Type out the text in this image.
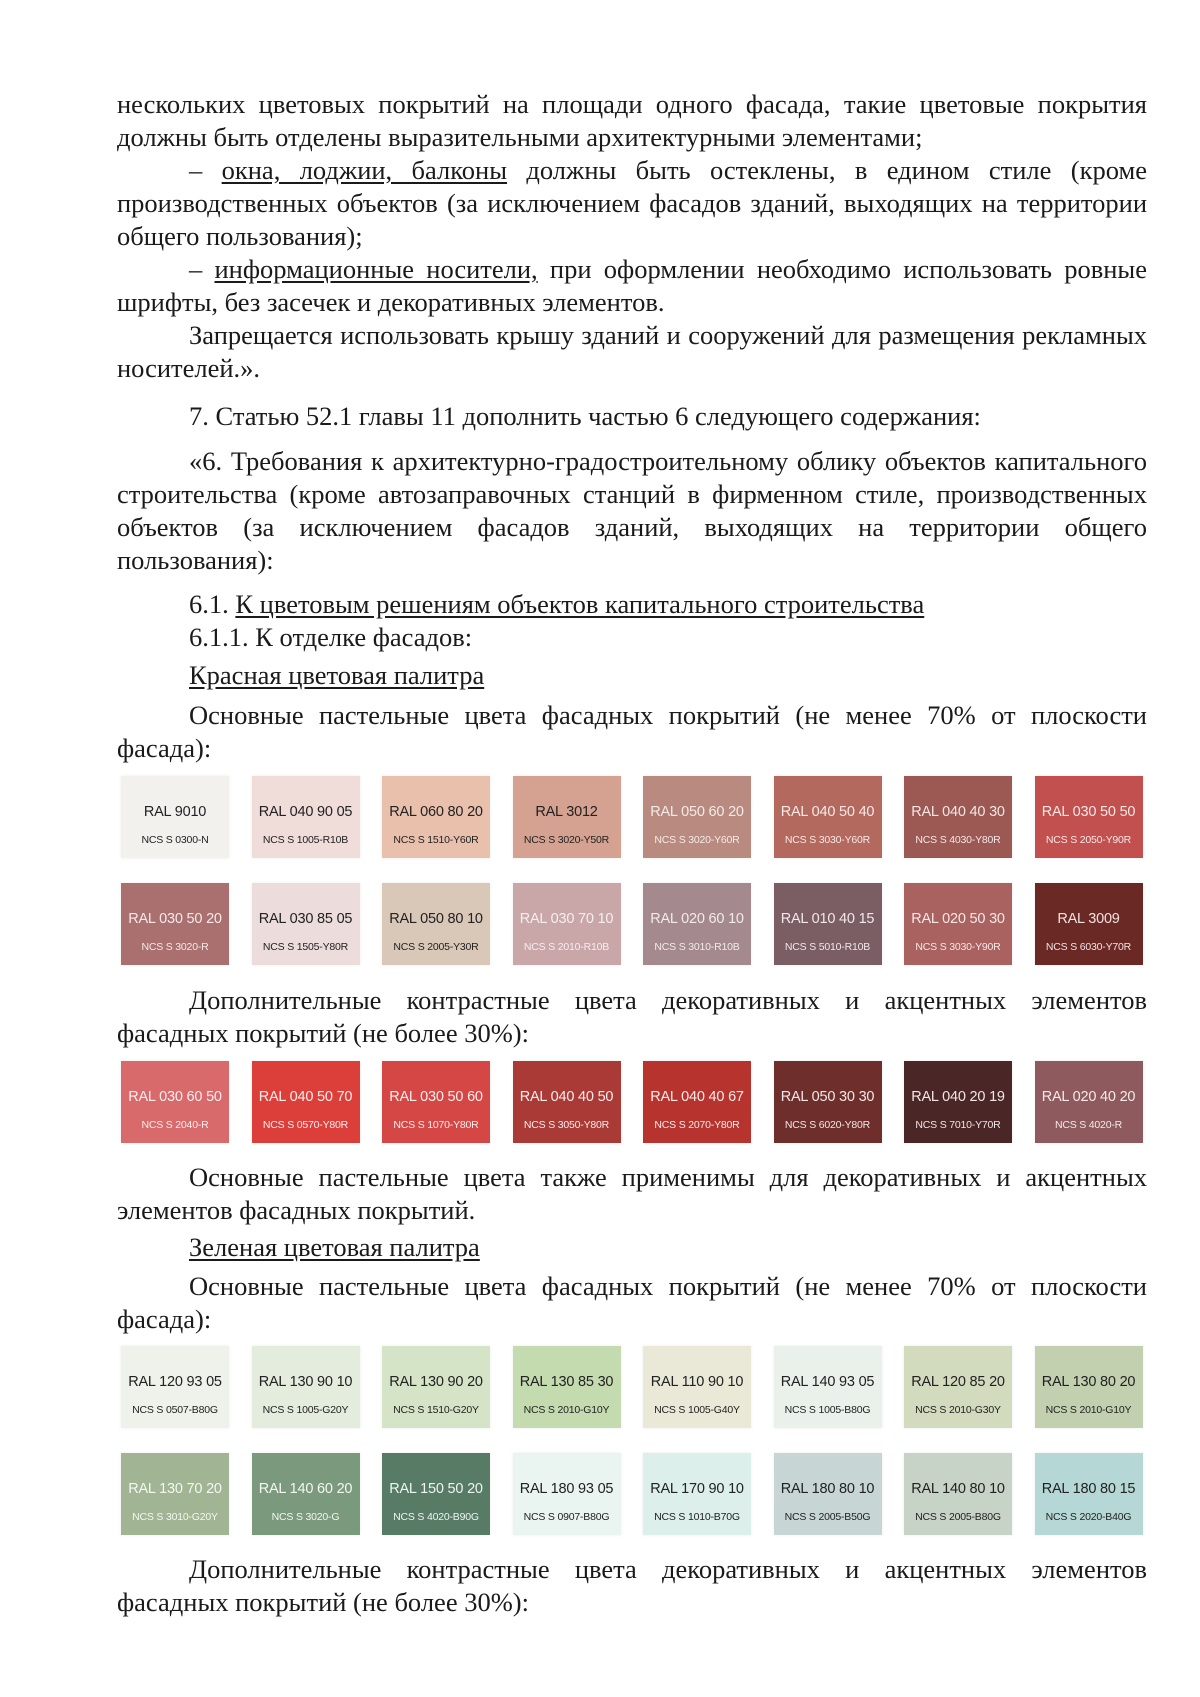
нескольких цветовых покрытий на площади одного фасада, такие цветовые покрытия должны быть отделены выразительными архитектурными элементами;
– окна, лоджии, балконы должны быть остеклены, в едином стиле (кроме производственных объектов (за исключением фасадов зданий, выходящих на территории общего пользования);
– информационные носители, при оформлении необходимо использовать ровные шрифты, без засечек и декоративных элементов.
Запрещается использовать крышу зданий и сооружений для размещения рекламных носителей.».
7. Статью 52.1 главы 11 дополнить частью 6 следующего содержания:
«6. Требования к архитектурно-градостроительному облику объектов капитального строительства (кроме автозаправочных станций в фирменном стиле, производственных объектов (за исключением фасадов зданий, выходящих на территории общего пользования):
6.1. К цветовым решениям объектов капитального строительства
6.1.1. К отделке фасадов:
Красная цветовая палитра
Основные пастельные цвета фасадных покрытий (не менее 70% от плоскости фасада):
Дополнительные контрастные цвета декоративных и акцентных элементов фасадных покрытий (не более 30%):
Основные пастельные цвета также применимы для декоративных и акцентных элементов фасадных покрытий.
Зеленая цветовая палитра
Основные пастельные цвета фасадных покрытий (не менее 70% от плоскости фасада):
Дополнительные контрастные цвета декоративных и акцентных элементов фасадных покрытий (не более 30%):
RAL 9010
NCS S 0300-N
RAL 040 90 05
NCS S 1005-R10B
RAL 060 80 20
NCS S 1510-Y60R
RAL 3012
NCS S 3020-Y50R
RAL 050 60 20
NCS S 3020-Y60R
RAL 040 50 40
NCS S 3030-Y60R
RAL 040 40 30
NCS S 4030-Y80R
RAL 030 50 50
NCS S 2050-Y90R
RAL 030 50 20
NCS S 3020-R
RAL 030 85 05
NCS S 1505-Y80R
RAL 050 80 10
NCS S 2005-Y30R
RAL 030 70 10
NCS S 2010-R10B
RAL 020 60 10
NCS S 3010-R10B
RAL 010 40 15
NCS S 5010-R10B
RAL 020 50 30
NCS S 3030-Y90R
RAL 3009
NCS S 6030-Y70R
RAL 030 60 50
NCS S 2040-R
RAL 040 50 70
NCS S 0570-Y80R
RAL 030 50 60
NCS S 1070-Y80R
RAL 040 40 50
NCS S 3050-Y80R
RAL 040 40 67
NCS S 2070-Y80R
RAL 050 30 30
NCS S 6020-Y80R
RAL 040 20 19
NCS S 7010-Y70R
RAL 020 40 20
NCS S 4020-R
RAL 120 93 05
NCS S 0507-B80G
RAL 130 90 10
NCS S 1005-G20Y
RAL 130 90 20
NCS S 1510-G20Y
RAL 130 85 30
NCS S 2010-G10Y
RAL 110 90 10
NCS S 1005-G40Y
RAL 140 93 05
NCS S 1005-B80G
RAL 120 85 20
NCS S 2010-G30Y
RAL 130 80 20
NCS S 2010-G10Y
RAL 130 70 20
NCS S 3010-G20Y
RAL 140 60 20
NCS S 3020-G
RAL 150 50 20
NCS S 4020-B90G
RAL 180 93 05
NCS S 0907-B80G
RAL 170 90 10
NCS S 1010-B70G
RAL 180 80 10
NCS S 2005-B50G
RAL 140 80 10
NCS S 2005-B80G
RAL 180 80 15
NCS S 2020-B40G
